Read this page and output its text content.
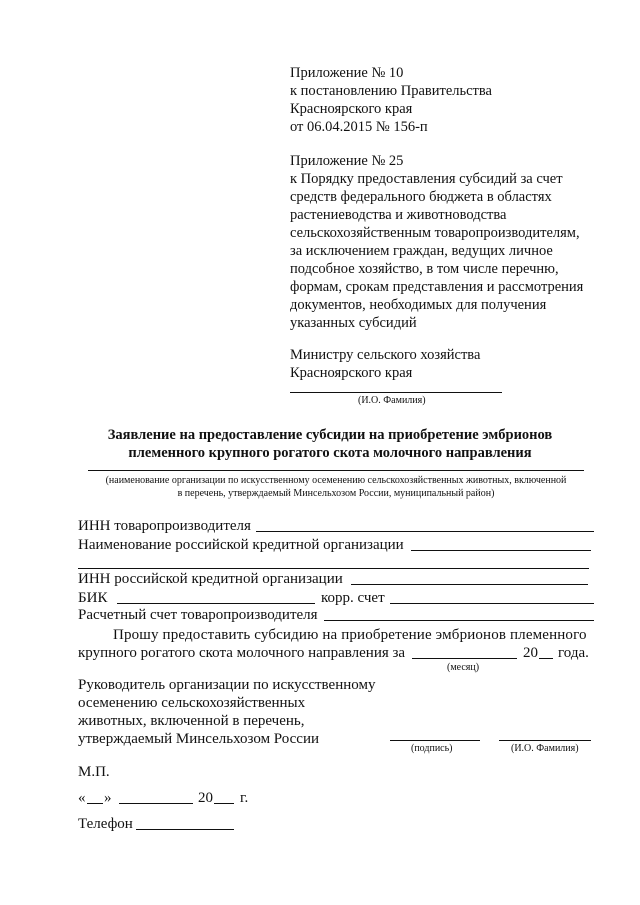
Приложение № 10
к постановлению Правительства
Красноярского края
от 06.04.2015 № 156-п
Приложение № 25
к Порядку предоставления субсидий за счет
средств федерального бюджета в областях
растениеводства и животноводства
сельскохозяйственным товаропроизводителям,
за исключением граждан, ведущих личное
подсобное хозяйство, в том числе перечню,
формам, срокам представления и рассмотрения
документов, необходимых для получения
указанных субсидий
Министру сельского хозяйства
Красноярского края
(И.О. Фамилия)
Заявление на предоставление субсидии на приобретение эмбрионов
племенного крупного рогатого скота молочного направления
(наименование организации по искусственному осеменению сельскохозяйственных животных, включенной
в перечень, утверждаемый Минсельхозом России, муниципальный район)
ИНН товаропроизводителя
Наименование российской кредитной организации
ИНН российской кредитной организации
БИК	корр. счет
Расчетный счет товаропроизводителя
Прошу предоставить субсидию на приобретение эмбрионов племенного
крупного рогатого скота молочного направления за	20 года.
(месяц)
Руководитель организации по искусственному
осеменению сельскохозяйственных
животных, включенной в перечень,
утверждаемый Минсельхозом России
(подпись)	(И.О. Фамилия)
М.П.
« »	20 г.
Телефон
